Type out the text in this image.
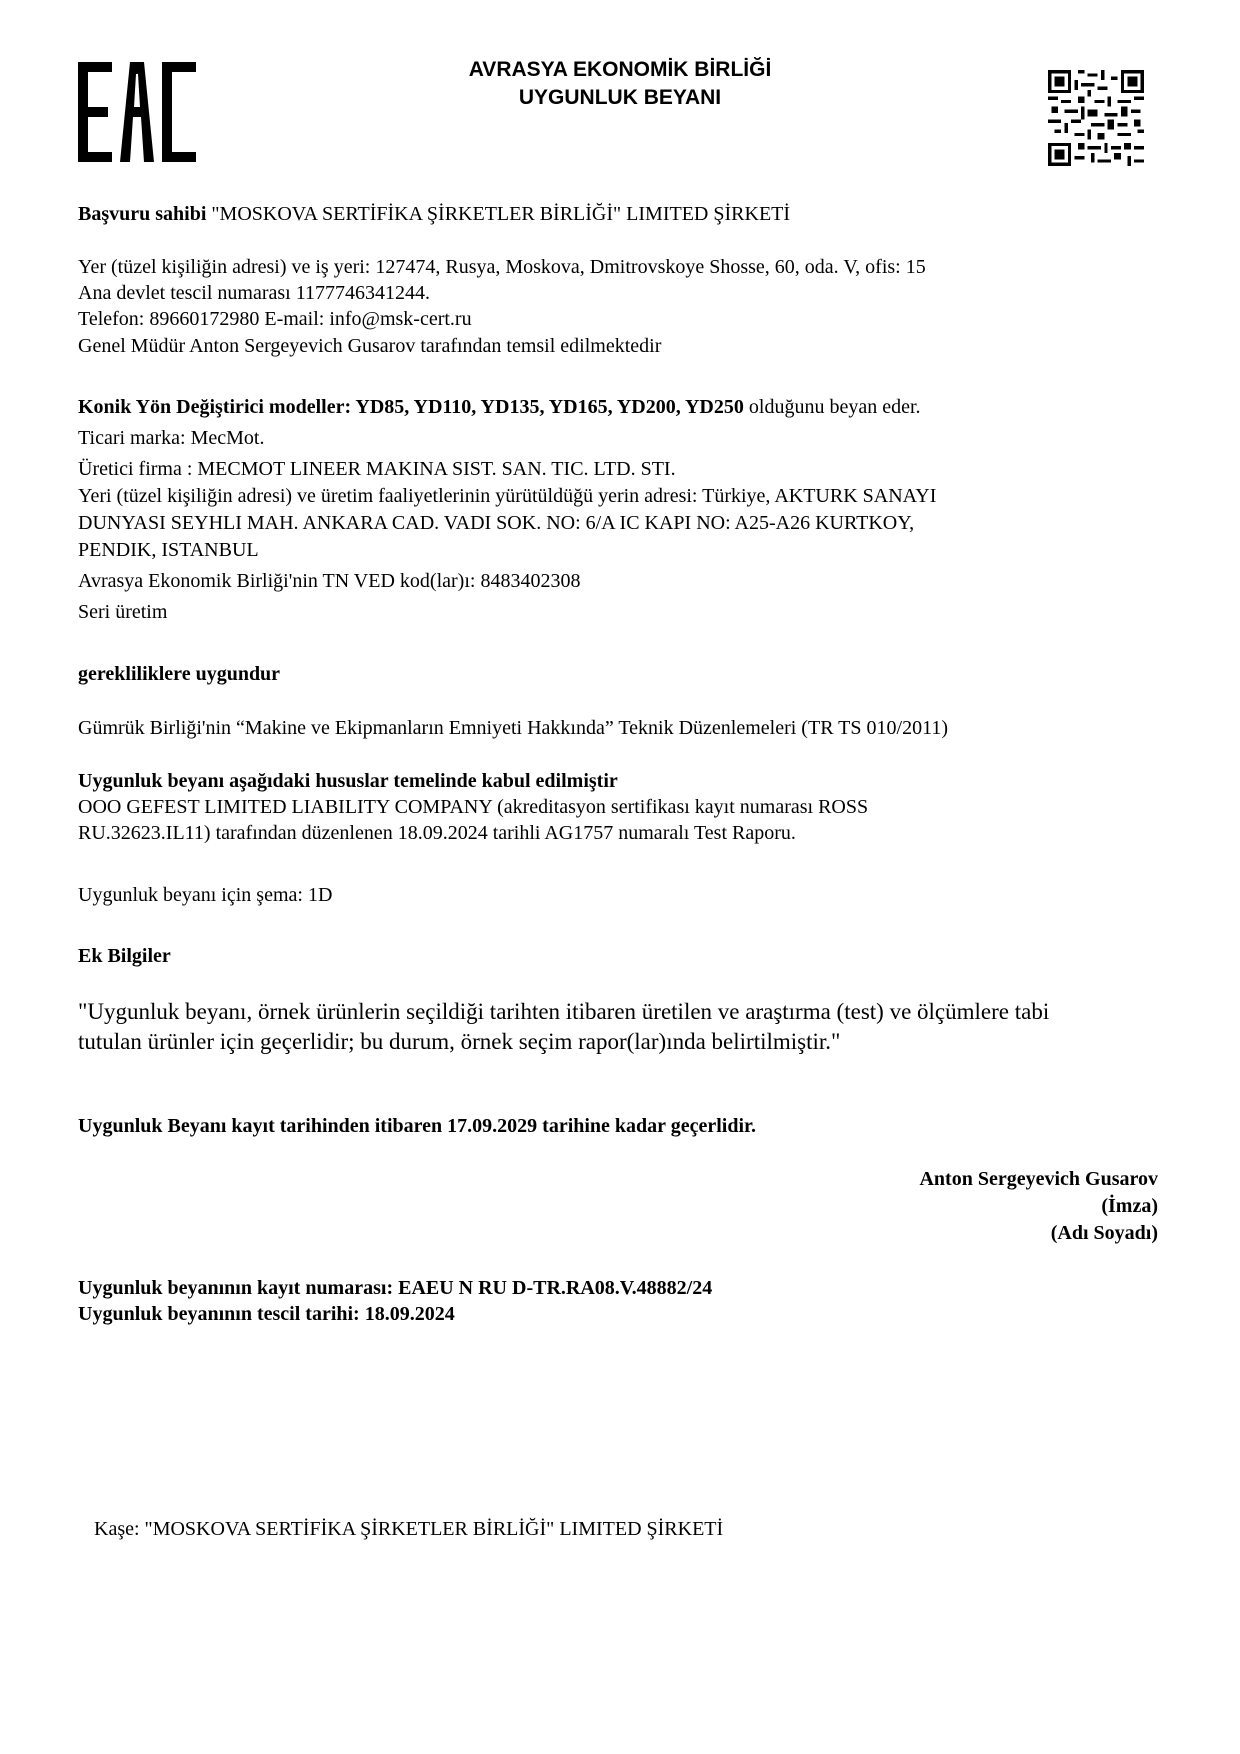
AVRASYA EKONOMİK BİRLİĞİ
UYGUNLUK BEYANI
Başvuru sahibi "MOSKOVA SERTİFİKA ŞİRKETLER BİRLİĞİ" LIMITED ŞİRKETİ
Yer (tüzel kişiliğin adresi) ve iş yeri: 127474, Rusya, Moskova, Dmitrovskoye Shosse, 60, oda. V, ofis: 15
Ana devlet tescil numarası 1177746341244.
Telefon: 89660172980 E-mail: info@msk-cert.ru
Genel Müdür Anton Sergeyevich Gusarov tarafından temsil edilmektedir
Konik Yön Değiştirici modeller: YD85, YD110, YD135, YD165, YD200, YD250 olduğunu beyan eder.
Ticari marka: MecMot.
Üretici firma : MECMOT LINEER MAKINA SIST. SAN. TIC. LTD. STI.
Yeri (tüzel kişiliğin adresi) ve üretim faaliyetlerinin yürütüldüğü yerin adresi: Türkiye, AKTURK SANAYI
DUNYASI SEYHLI MAH. ANKARA CAD. VADI SOK. NO: 6/A IC KAPI NO: A25-A26 KURTKOY,
PENDIK, ISTANBUL
Avrasya Ekonomik Birliği'nin TN VED kod(lar)ı: 8483402308
Seri üretim
gerekliliklere uygundur
Gümrük Birliği'nin “Makine ve Ekipmanların Emniyeti Hakkında” Teknik Düzenlemeleri (TR TS 010/2011)
Uygunluk beyanı aşağıdaki hususlar temelinde kabul edilmiştir
OOO GEFEST LIMITED LIABILITY COMPANY (akreditasyon sertifikası kayıt numarası ROSS
RU.32623.IL11) tarafından düzenlenen 18.09.2024 tarihli AG1757 numaralı Test Raporu.
Uygunluk beyanı için şema: 1D
Ek Bilgiler
"Uygunluk beyanı, örnek ürünlerin seçildiği tarihten itibaren üretilen ve araştırma (test) ve ölçümlere tabi
tutulan ürünler için geçerlidir; bu durum, örnek seçim rapor(lar)ında belirtilmiştir."
Uygunluk Beyanı kayıt tarihinden itibaren 17.09.2029 tarihine kadar geçerlidir.
Anton Sergeyevich Gusarov
(İmza)
(Adı Soyadı)
Uygunluk beyanının kayıt numarası: EAEU N RU D-TR.RA08.V.48882/24
Uygunluk beyanının tescil tarihi: 18.09.2024
Kaşe: "MOSKOVA SERTİFİKA ŞİRKETLER BİRLİĞİ" LIMITED ŞİRKETİ
